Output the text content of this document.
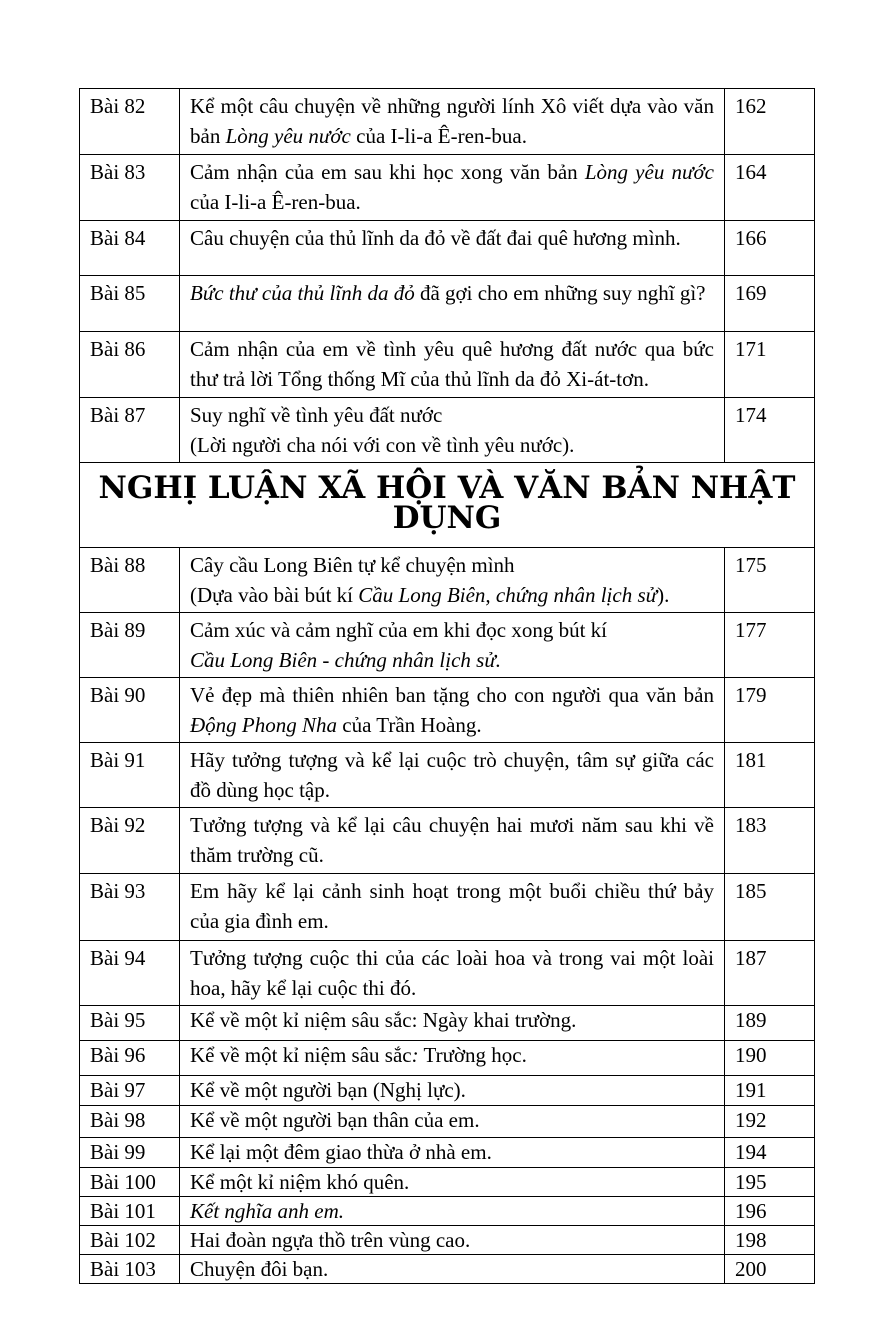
Bài 82	Kể một câu chuyện về những người lính Xô viết dựa vào văn bản Lòng yêu nước của I-li-a Ê-ren-bua.	162
Bài 83	Cảm nhận của em sau khi học xong văn bản Lòng yêu nước của I-li-a Ê-ren-bua.	164
Bài 84	Câu chuyện của thủ lĩnh da đỏ về đất đai quê hương mình.	166
Bài 85	Bức thư của thủ lĩnh da đỏ đã gợi cho em những suy nghĩ gì?	169
Bài 86	Cảm nhận của em về tình yêu quê hương đất nước qua bức thư trả lời Tổng thống Mĩ của thủ lĩnh da đỏ Xi-át-tơn.	171
Bài 87	Suy nghĩ về tình yêu đất nước
(Lời người cha nói với con về tình yêu nước).	174
NGHỊ LUẬN XÃ HỘI VÀ VĂN BẢN NHẬT DỤNG		
Bài 88	Cây cầu Long Biên tự kể chuyện mình
(Dựa vào bài bút kí Cầu Long Biên, chứng nhân lịch sử).	175
Bài 89	Cảm xúc và cảm nghĩ của em khi đọc xong bút kí
Cầu Long Biên - chứng nhân lịch sử.	177
Bài 90	Vẻ đẹp mà thiên nhiên ban tặng cho con người qua văn bản Động Phong Nha của Trần Hoàng.	179
Bài 91	Hãy tưởng tượng và kể lại cuộc trò chuyện, tâm sự giữa các đồ dùng học tập.	181
Bài 92	Tưởng tượng và kể lại câu chuyện hai mươi năm sau khi về thăm trường cũ.	183
Bài 93	Em hãy kể lại cảnh sinh hoạt trong một buổi chiều thứ bảy của gia đình em.	185
Bài 94	Tưởng tượng cuộc thi của các loài hoa và trong vai một loài hoa, hãy kể lại cuộc thi đó.	187
Bài 95	Kể về một kỉ niệm sâu sắc: Ngày khai trường.	189
Bài 96	Kể về một kỉ niệm sâu sắc: Trường học.	190
Bài 97	Kể về một người bạn (Nghị lực).	191
Bài 98	Kể về một người bạn thân của em.	192
Bài 99	Kể lại một đêm giao thừa ở nhà em.	194
Bài 100	Kể một kỉ niệm khó quên.	195
Bài 101	Kết nghĩa anh em.	196
Bài 102	Hai đoàn ngựa thồ trên vùng cao.	198
Bài 103	Chuyện đôi bạn.	200
